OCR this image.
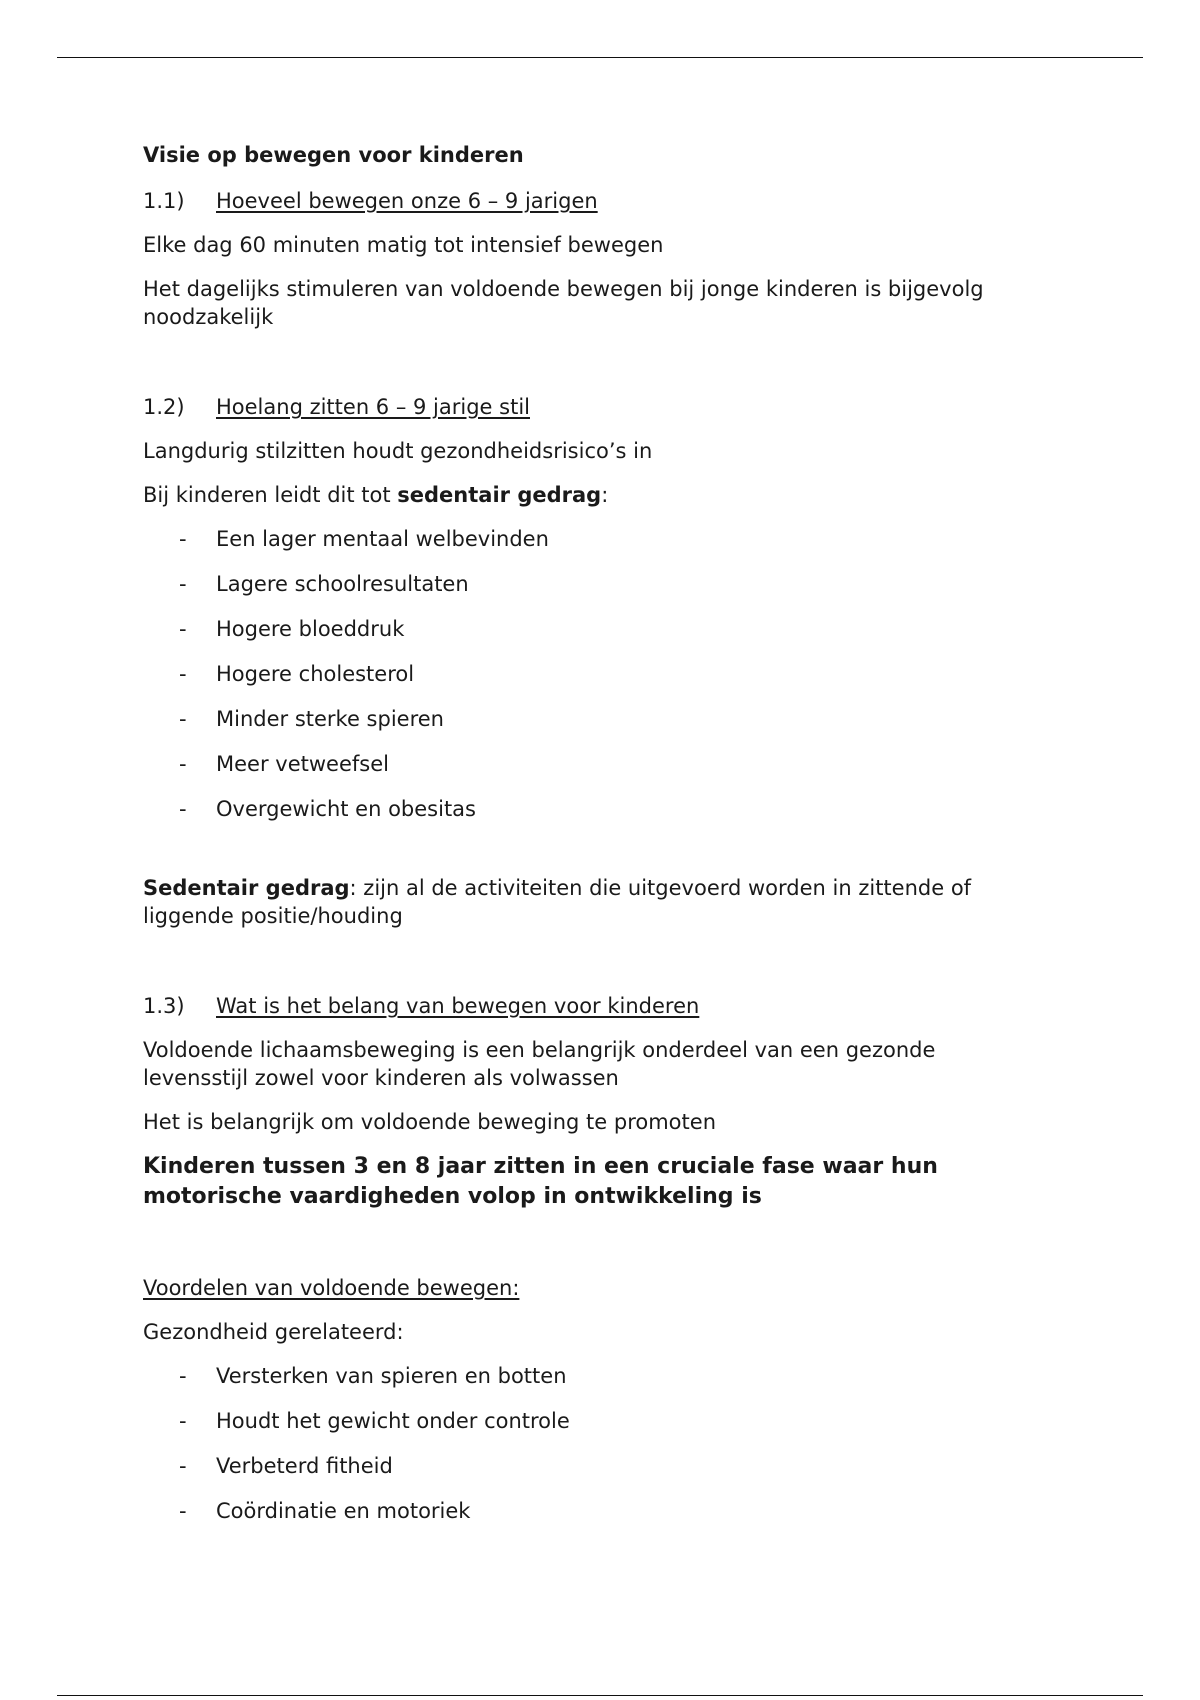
Visie op bewegen voor kinderen
1.1) Hoeveel bewegen onze 6 – 9 jarigen

Elke dag 60 minuten matig tot intensief bewegen

Het dagelijks stimuleren van voldoende bewegen bij jonge kinderen is bijgevolg noodzakelijk

1.2) Hoelang zitten 6 – 9 jarige stil

Langdurig stilzitten houdt gezondheidsrisico’s in

Bij kinderen leidt dit tot sedentair gedrag:

- Een lager mentaal welbevinden
- Lagere schoolresultaten
- Hogere bloeddruk
- Hogere cholesterol
- Minder sterke spieren
- Meer vetweefsel
- Overgewicht en obesitas

Sedentair gedrag: zijn al de activiteiten die uitgevoerd worden in zittende of liggende positie/houding

1.3) Wat is het belang van bewegen voor kinderen

Voldoende lichaamsbeweging is een belangrijk onderdeel van een gezonde levensstijl zowel voor kinderen als volwassen

Het is belangrijk om voldoende beweging te promoten

Kinderen tussen 3 en 8 jaar zitten in een cruciale fase waar hun motorische vaardigheden volop in ontwikkeling is

Voordelen van voldoende bewegen:

Gezondheid gerelateerd:

- Versterken van spieren en botten
- Houdt het gewicht onder controle
- Verbeterd fitheid
- Coördinatie en motoriek
